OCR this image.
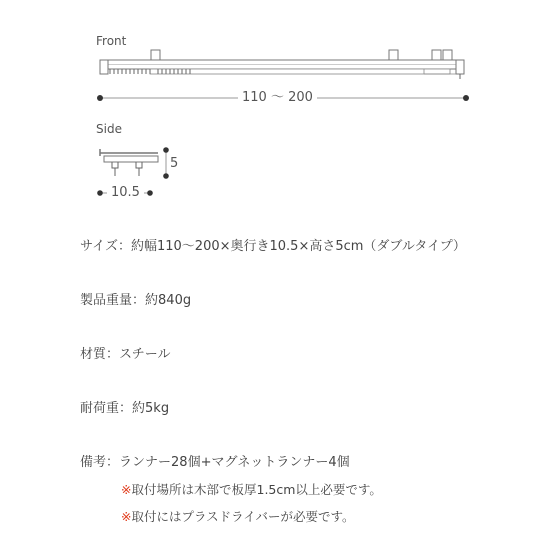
Front
110 〜 200
Side
5
10.5
サイズ：約幅110〜200×奥行き10.5×高さ5cm（ダブルタイプ）
製品重量：約840g
材質：スチール
耐荷重：約5kg
備考：ランナー28個+マグネットランナー4個
※取付場所は木部で板厚1.5cm以上必要です。
※取付にはプラスドライバーが必要です。
